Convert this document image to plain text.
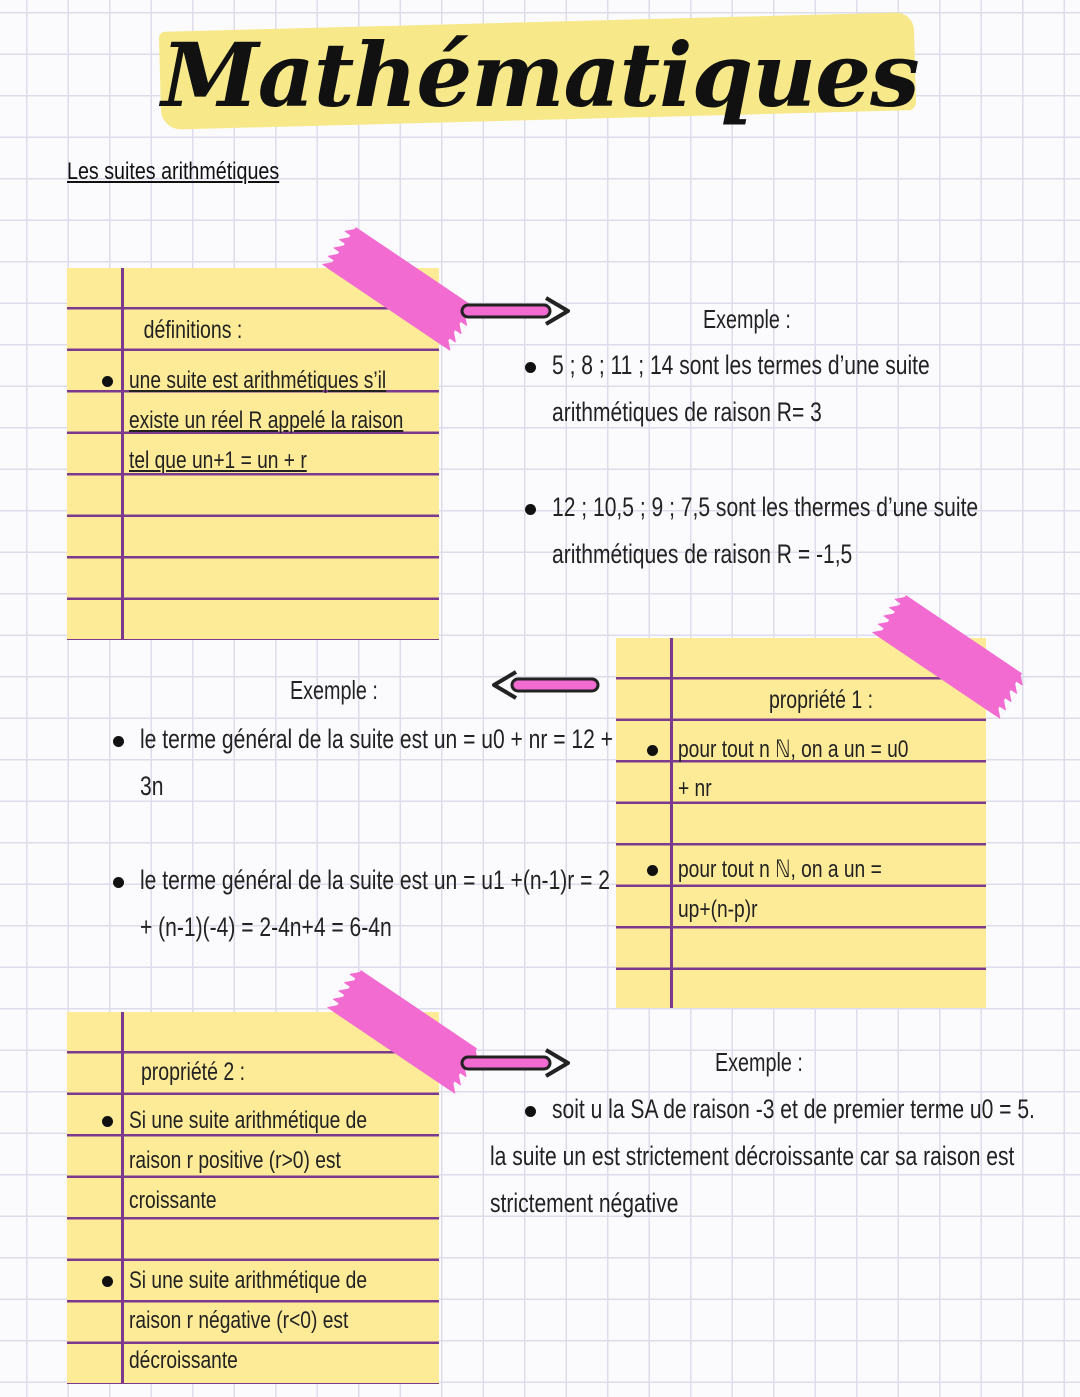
Mathématiques
Les suites arithmétiques
définitions :
une suite est arithmétiques s’il
existe un réel R appelé la raison
tel que un+1 = un + r
Exemple :
5 ; 8 ; 11 ; 14 sont les termes d’une suite
arithmétiques de raison R= 3
12 ; 10,5 ; 9 ; 7,5 sont les thermes d’une suite
arithmétiques de raison R = -1,5
propriété 1 :
pour tout n ℕ, on a un = u0
+ nr
pour tout n ℕ, on a un =
up+(n-p)r
Exemple :
le terme général de la suite est un = u0 + nr = 12 +
3n
le terme général de la suite est un = u1 +(n-1)r = 2
+ (n-1)(-4) = 2-4n+4 = 6-4n
propriété 2 :
Si une suite arithmétique de
raison r positive (r>0) est
croissante
Si une suite arithmétique de
raison r négative (r<0) est
décroissante
Exemple :
soit u la SA de raison -3 et de premier terme u0 = 5.
la suite un est strictement décroissante car sa raison est
strictement négative
